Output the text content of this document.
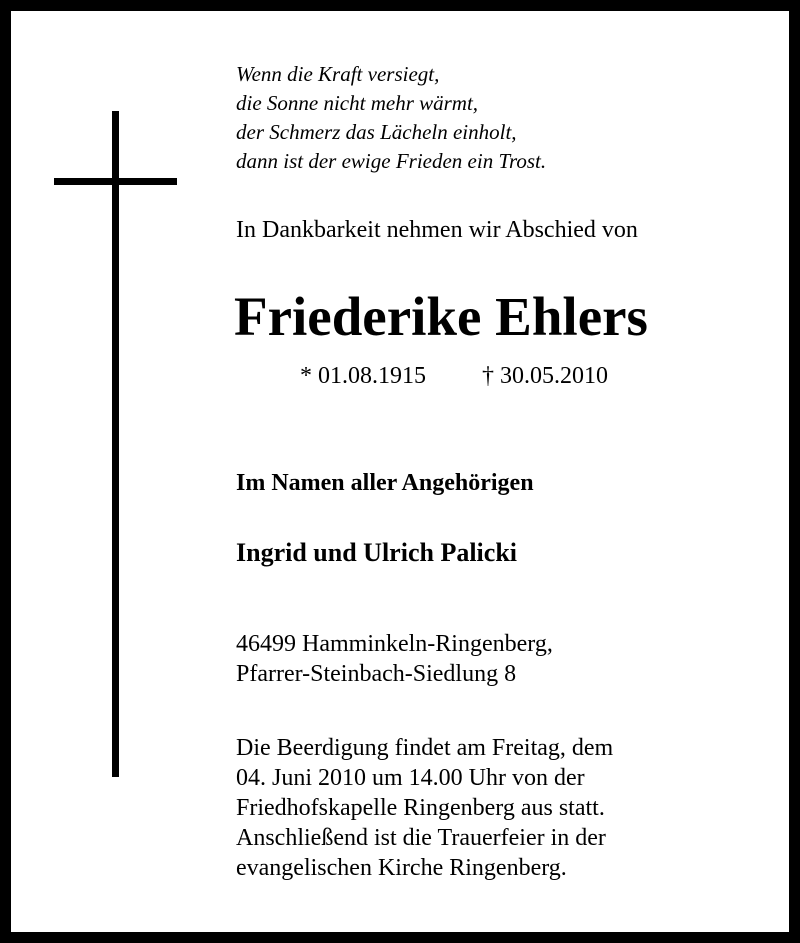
Wenn die Kraft versiegt,
die Sonne nicht mehr wärmt,
der Schmerz das Lächeln einholt,
dann ist der ewige Frieden ein Trost.
In Dankbarkeit nehmen wir Abschied von
Friederike Ehlers
* 01.08.1915 † 30.05.2010
Im Namen aller Angehörigen
Ingrid und Ulrich Palicki
46499 Hamminkeln-Ringenberg,
Pfarrer-Steinbach-Siedlung 8
Die Beerdigung findet am Freitag, dem
04. Juni 2010 um 14.00 Uhr von der
Friedhofskapelle Ringenberg aus statt.
Anschließend ist die Trauerfeier in der
evangelischen Kirche Ringenberg.
